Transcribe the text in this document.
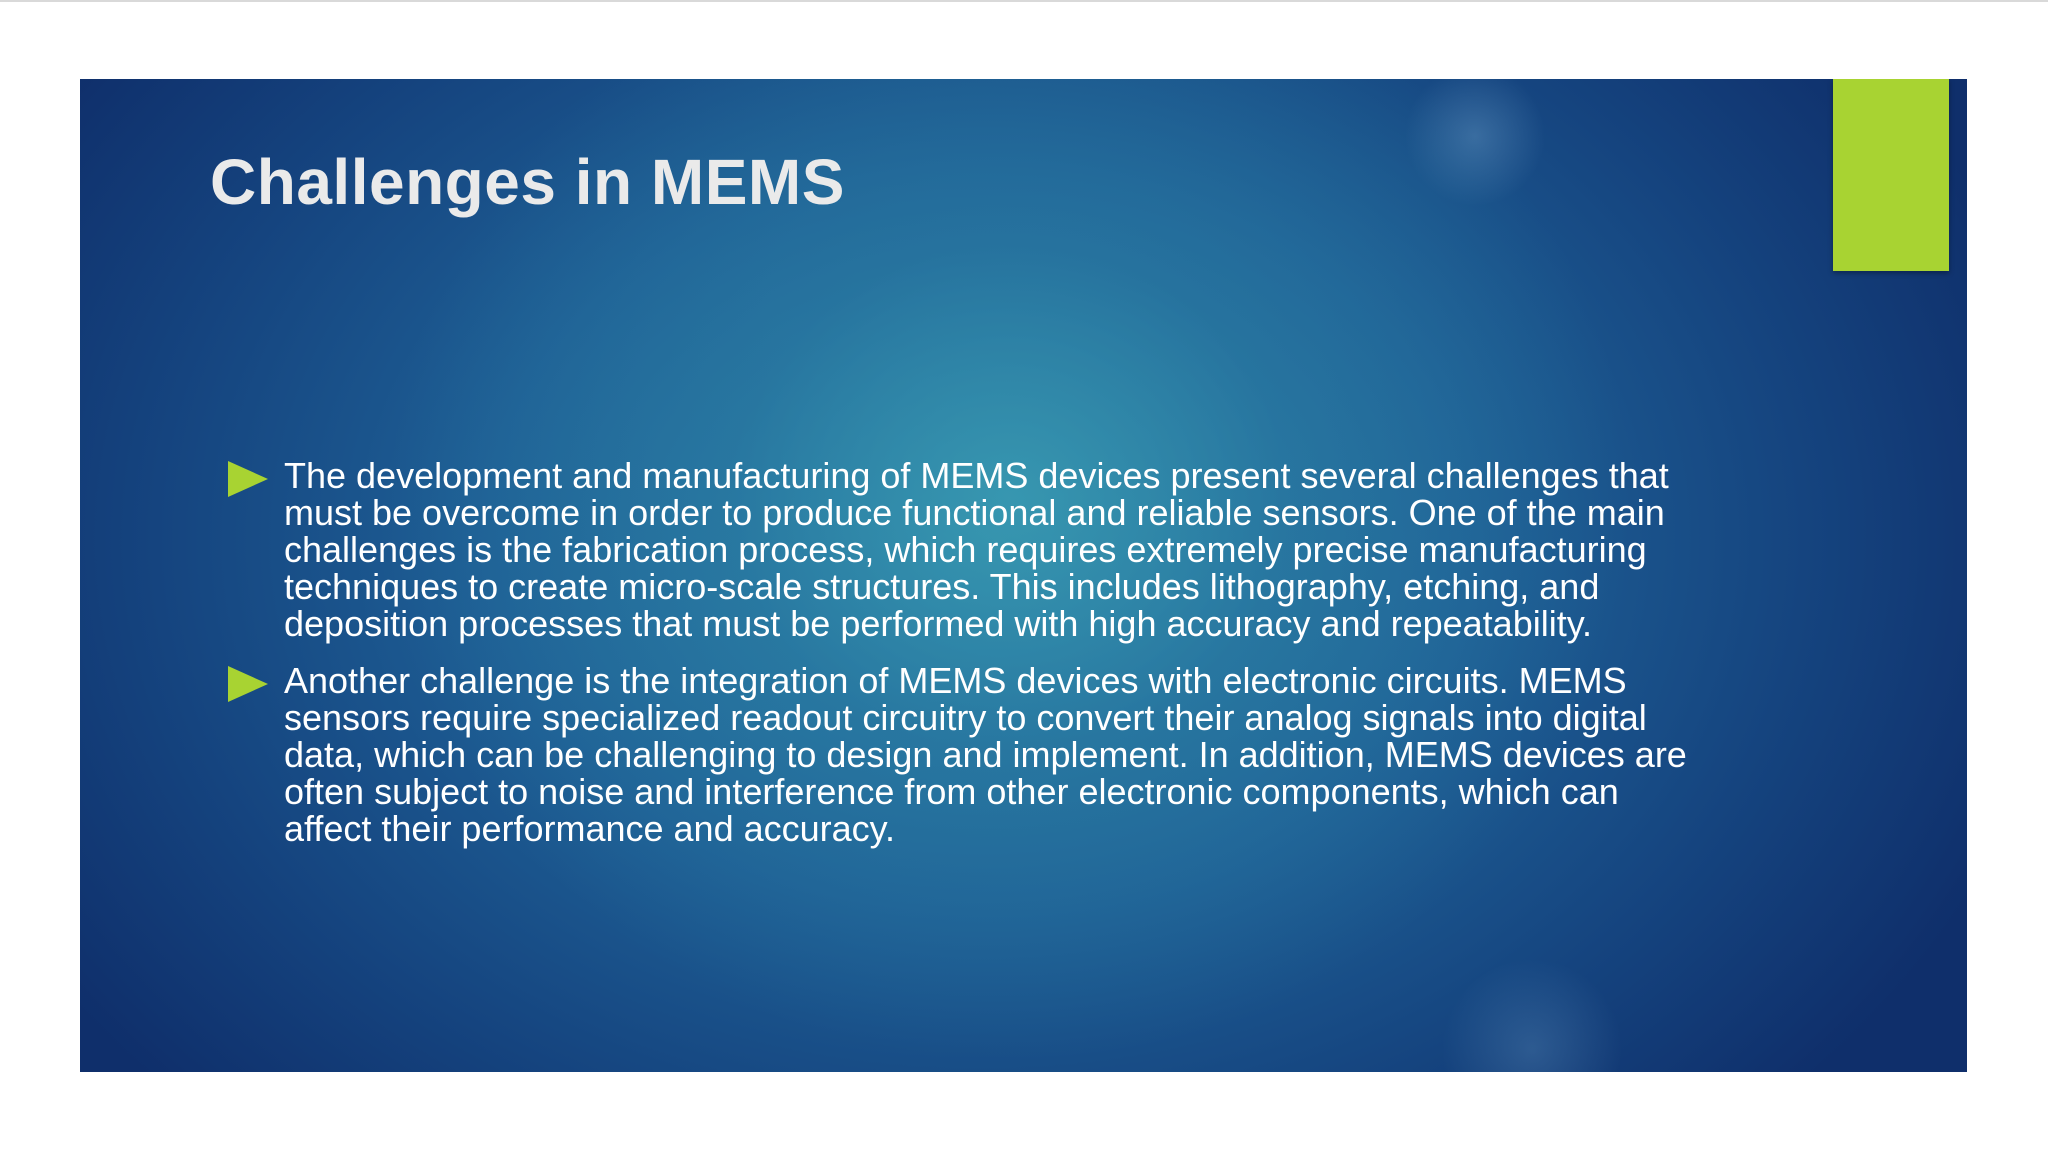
Challenges in MEMS
The development and manufacturing of MEMS devices present several challenges that must be overcome in order to produce functional and reliable sensors. One of the main challenges is the fabrication process, which requires extremely precise manufacturing techniques to create micro-scale structures. This includes lithography, etching, and deposition processes that must be performed with high accuracy and repeatability.
Another challenge is the integration of MEMS devices with electronic circuits. MEMS sensors require specialized readout circuitry to convert their analog signals into digital data, which can be challenging to design and implement. In addition, MEMS devices are often subject to noise and interference from other electronic components, which can affect their performance and accuracy.
